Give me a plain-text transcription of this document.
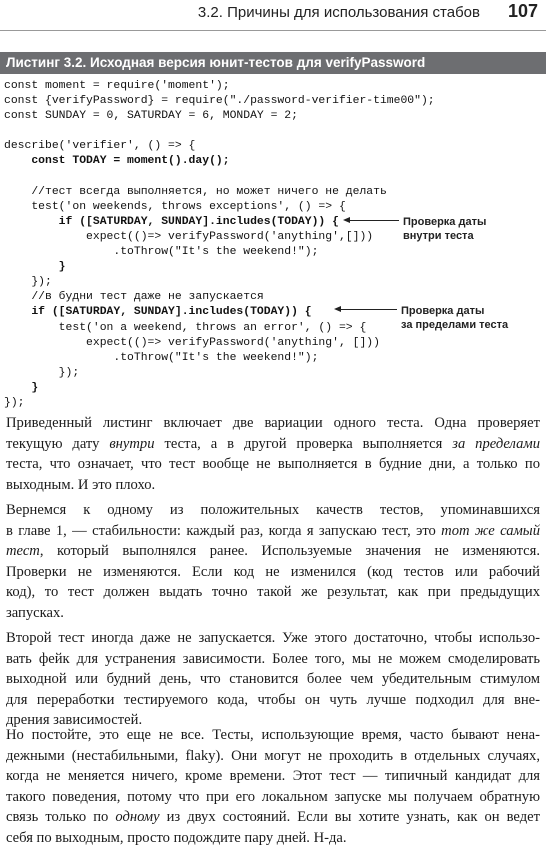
3.2. Причины для использования стабов 107
Листинг 3.2. Исходная версия юнит-тестов для verifyPassword
const moment = require('moment');
const {verifyPassword} = require("./password-verifier-time00");
const SUNDAY = 0, SATURDAY = 6, MONDAY = 2;
describe('verifier', () => {
const TODAY = moment().day();
//тест всегда выполняется, но может ничего не делать
test('on weekends, throws exceptions', () => {
if ([SATURDAY, SUNDAY].includes(TODAY)) {
expect(()=> verifyPassword('anything',[]))
.toThrow("It's the weekend!");
}
});
//в будни тест даже не запускается
if ([SATURDAY, SUNDAY].includes(TODAY)) {
test('on a weekend, throws an error', () => {
expect(()=> verifyPassword('anything', []))
.toThrow("It's the weekend!");
});
}
});
Проверка даты
внутри теста
Проверка даты
за пределами теста

Приведенный листинг включает две вариации одного теста. Одна проверяет
текущую дату внутри теста, а в другой проверка выполняется за пределами
теста, что означает, что тест вообще не выполняется в будние дни, а только по
выходным. И это плохо.

Вернемся к одному из положительных качеств тестов, упоминавшихся
в главе 1, — стабильности: каждый раз, когда я запускаю тест, это тот же самый
тест, который выполнялся ранее. Используемые значения не изменяются.
Проверки не изменяются. Если код не изменился (код тестов или рабочий
код), то тест должен выдать точно такой же результат, как при предыдущих
запусках.

Второй тест иногда даже не запускается. Уже этого достаточно, чтобы использо-
вать фейк для устранения зависимости. Более того, мы не можем смоделировать
выходной или будний день, что становится более чем убедительным стимулом
для переработки тестируемого кода, чтобы он чуть лучше подходил для вне-
дрения зависимостей.

Но постойте, это еще не все. Тесты, использующие время, часто бывают нена-
дежными (нестабильными, flaky). Они могут не проходить в отдельных случаях,
когда не меняется ничего, кроме времени. Этот тест — типичный кандидат для
такого поведения, потому что при его локальном запуске мы получаем обратную
связь только по одному из двух состояний. Если вы хотите узнать, как он ведет
себя по выходным, просто подождите пару дней. Н-да.
